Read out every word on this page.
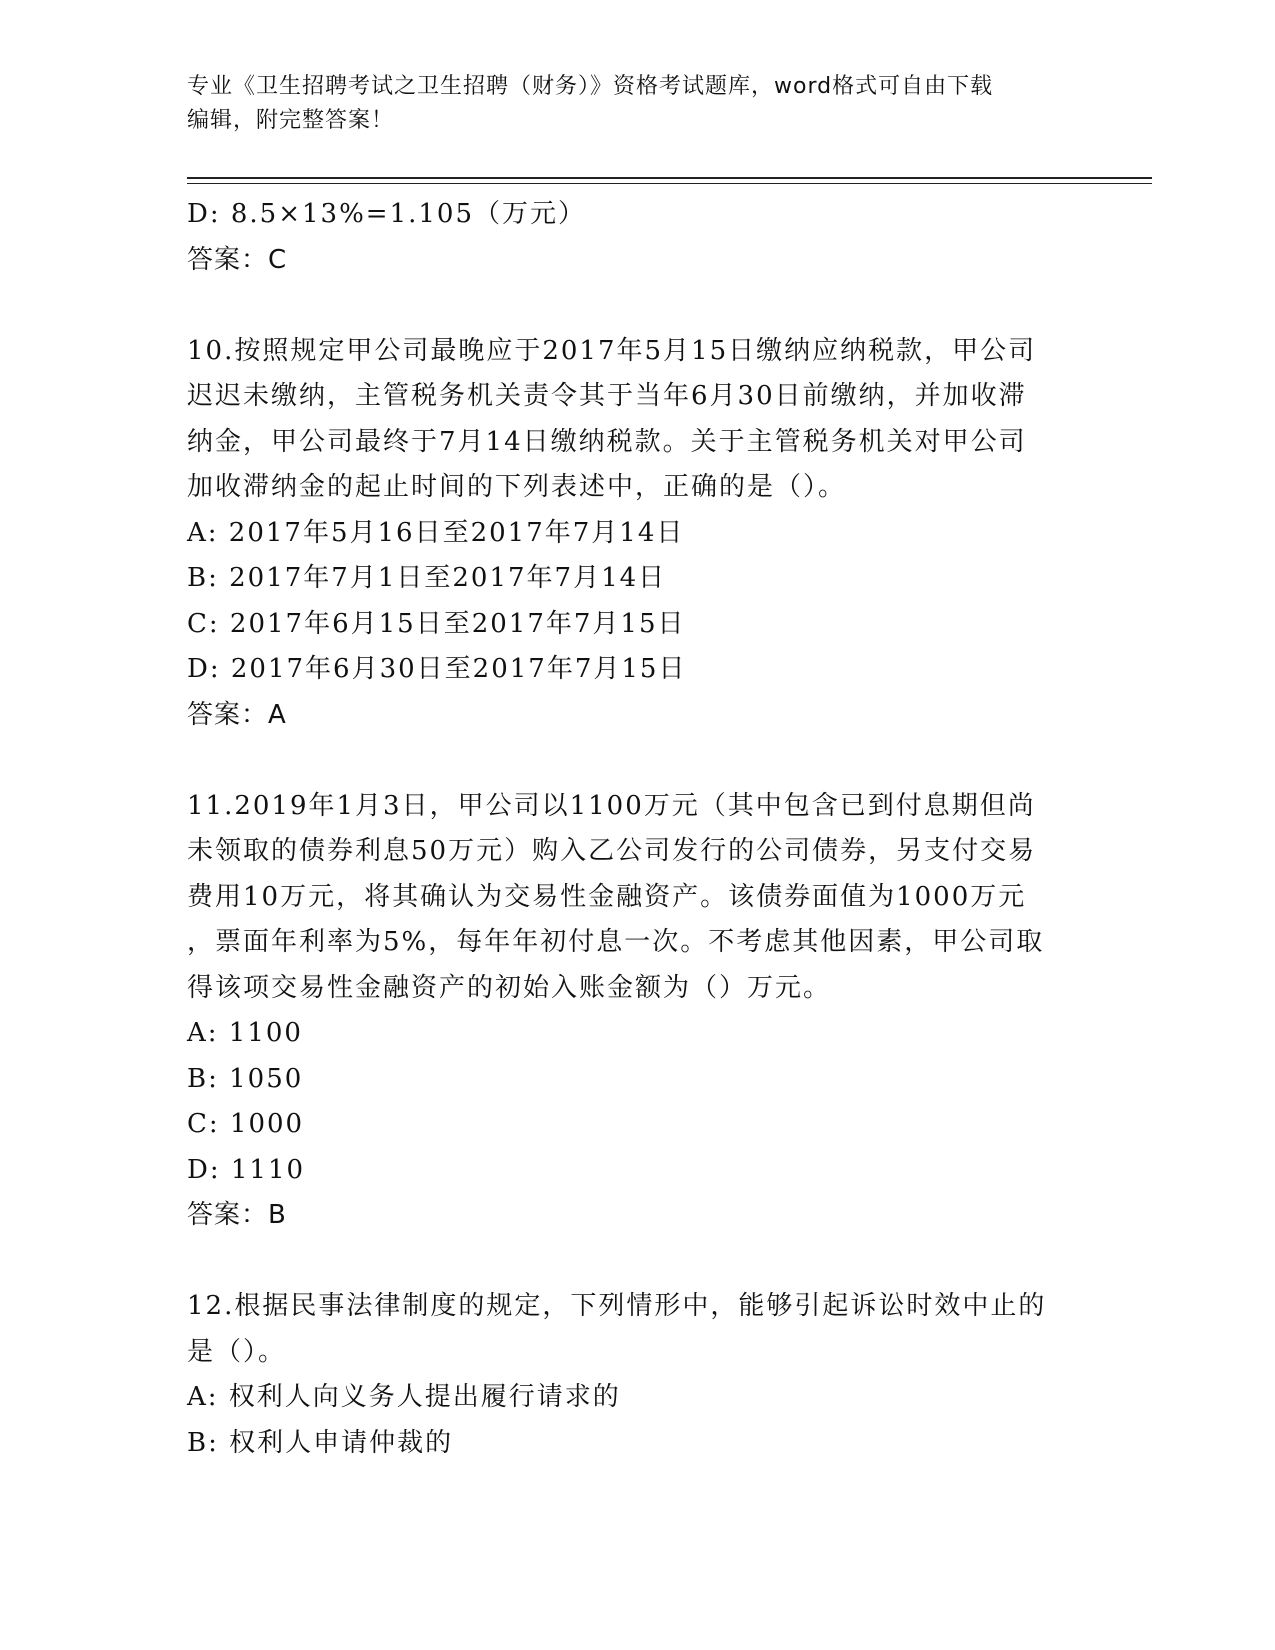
专业《卫生招聘考试之卫生招聘（财务）》资格考试题库，word格式可自由下载
编辑，附完整答案！
D: 8.5×13%=1.105（万元）
答案：C
10.按照规定甲公司最晚应于2017年5月15日缴纳应纳税款，甲公司
迟迟未缴纳，主管税务机关责令其于当年6月30日前缴纳，并加收滞
纳金，甲公司最终于7月14日缴纳税款。关于主管税务机关对甲公司
加收滞纳金的起止时间的下列表述中，正确的是（）。
A: 2017年5月16日至2017年7月14日
B: 2017年7月1日至2017年7月14日
C: 2017年6月15日至2017年7月15日
D: 2017年6月30日至2017年7月15日
答案：A
11.2019年1月3日，甲公司以1100万元（其中包含已到付息期但尚
未领取的债券利息50万元）购入乙公司发行的公司债券，另支付交易
费用10万元，将其确认为交易性金融资产。该债券面值为1000万元
，票面年利率为5%，每年年初付息一次。不考虑其他因素，甲公司取
得该项交易性金融资产的初始入账金额为（）万元。
A: 1100
B: 1050
C: 1000
D: 1110
答案：B
12.根据民事法律制度的规定，下列情形中，能够引起诉讼时效中止的
是（）。
A: 权利人向义务人提出履行请求的
B: 权利人申请仲裁的
